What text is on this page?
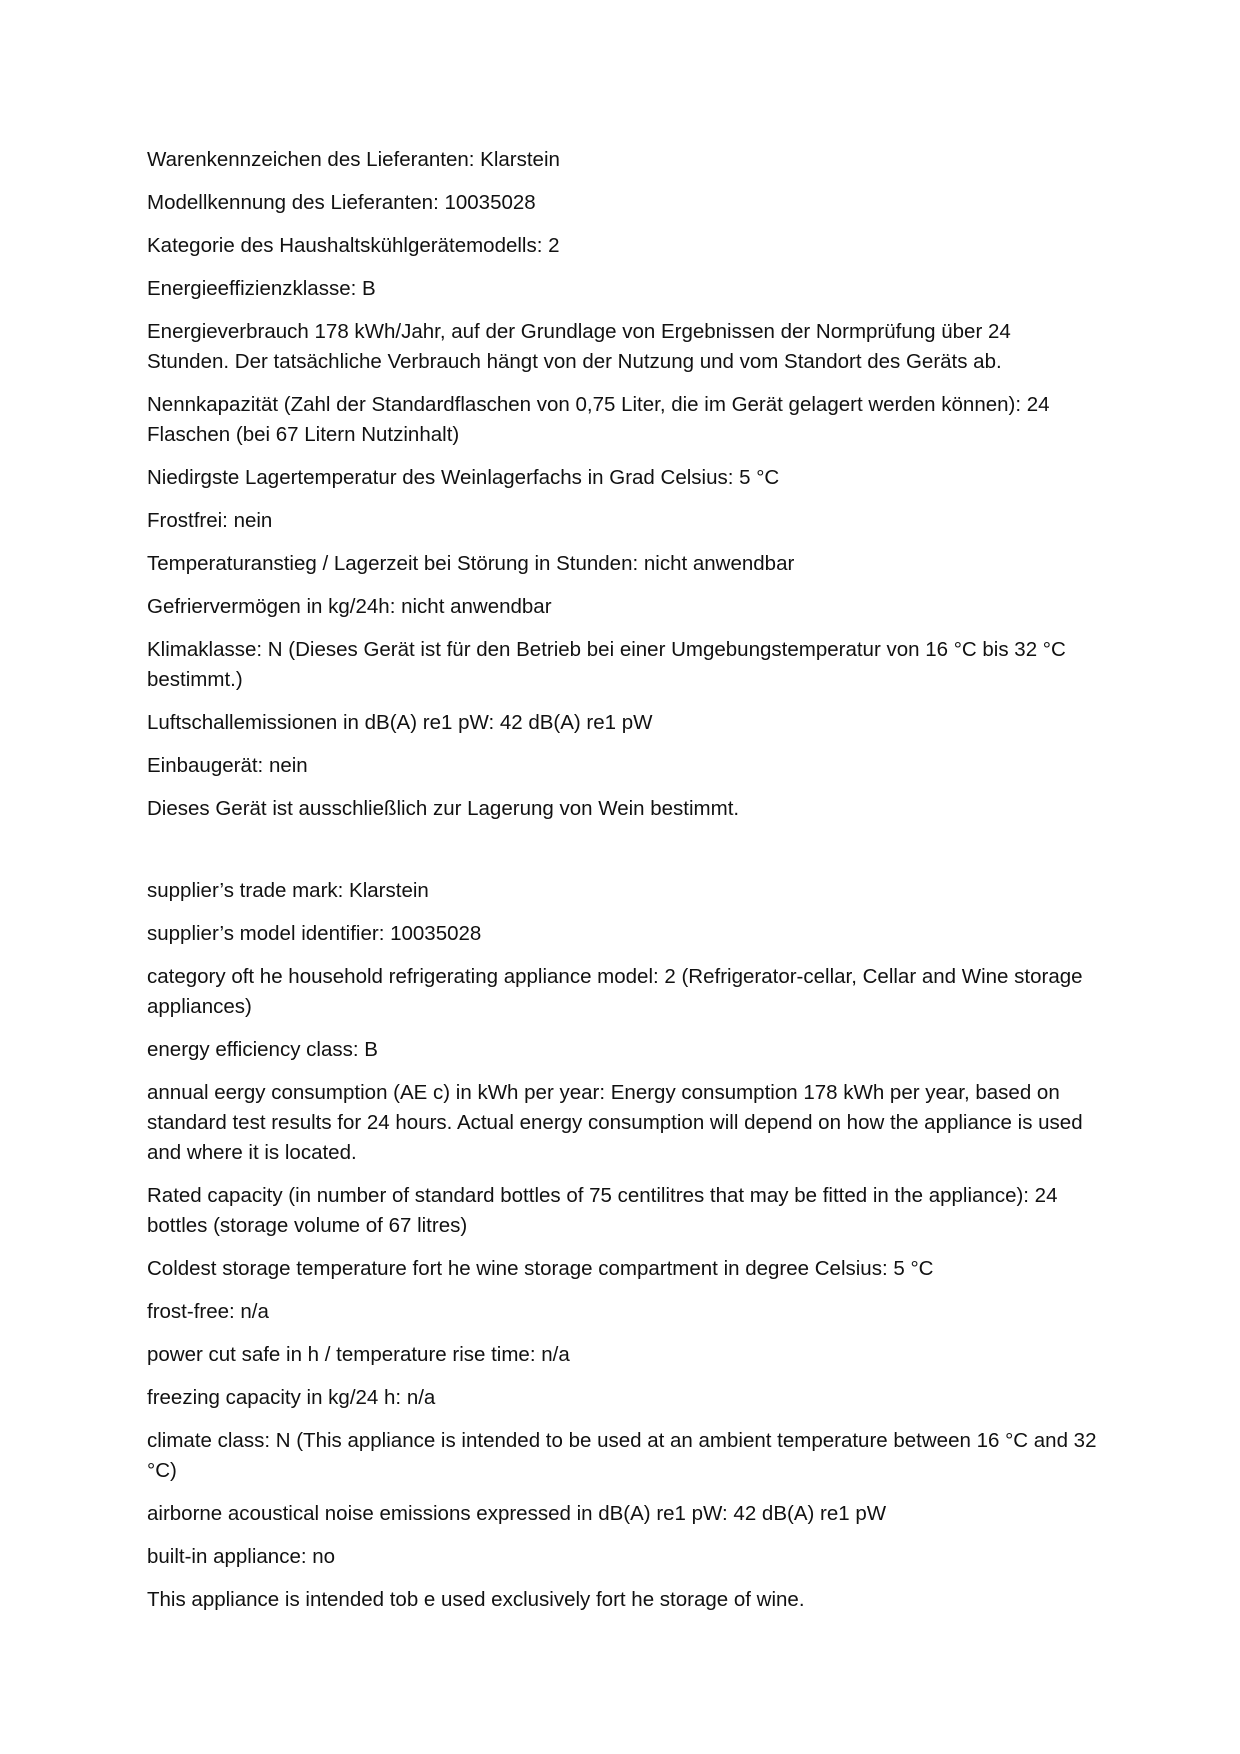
Warenkennzeichen des Lieferanten: Klarstein

Modellkennung des Lieferanten: 10035028

Kategorie des Haushaltskühlgerätemodells: 2

Energieeffizienzklasse: B

Energieverbrauch 178 kWh/Jahr, auf der Grundlage von Ergebnissen der Normprüfung über 24 Stunden. Der tatsächliche Verbrauch hängt von der Nutzung und vom Standort des Geräts ab.

Nennkapazität (Zahl der Standardflaschen von 0,75 Liter, die im Gerät gelagert werden können): 24 Flaschen (bei 67 Litern Nutzinhalt)

Niedirgste Lagertemperatur des Weinlagerfachs in Grad Celsius: 5 °C

Frostfrei: nein

Temperaturanstieg / Lagerzeit bei Störung in Stunden: nicht anwendbar

Gefriervermögen in kg/24h: nicht anwendbar

Klimaklasse: N (Dieses Gerät ist für den Betrieb bei einer Umgebungstemperatur von 16 °C bis 32 °C bestimmt.)

Luftschallemissionen in dB(A) re1 pW: 42 dB(A) re1 pW

Einbaugerät: nein

Dieses Gerät ist ausschließlich zur Lagerung von Wein bestimmt.

supplier’s trade mark: Klarstein

supplier’s model identifier: 10035028

category oft he household refrigerating appliance model: 2 (Refrigerator-cellar, Cellar and Wine storage appliances)

energy efficiency class: B

annual eergy consumption (AE c) in kWh per year: Energy consumption 178 kWh per year, based on standard test results for 24 hours. Actual energy consumption will depend on how the appliance is used and where it is located.

Rated capacity (in number of standard bottles of 75 centilitres that may be fitted in the appliance): 24 bottles (storage volume of 67 litres)

Coldest storage temperature fort he wine storage compartment in degree Celsius: 5 °C

frost-free: n/a

power cut safe in h / temperature rise time: n/a

freezing capacity in kg/24 h: n/a

climate class: N (This appliance is intended to be used at an ambient temperature between 16 °C and 32 °C)

airborne acoustical noise emissions expressed in dB(A) re1 pW: 42 dB(A) re1 pW

built-in appliance: no

This appliance is intended tob e used exclusively fort he storage of wine.
